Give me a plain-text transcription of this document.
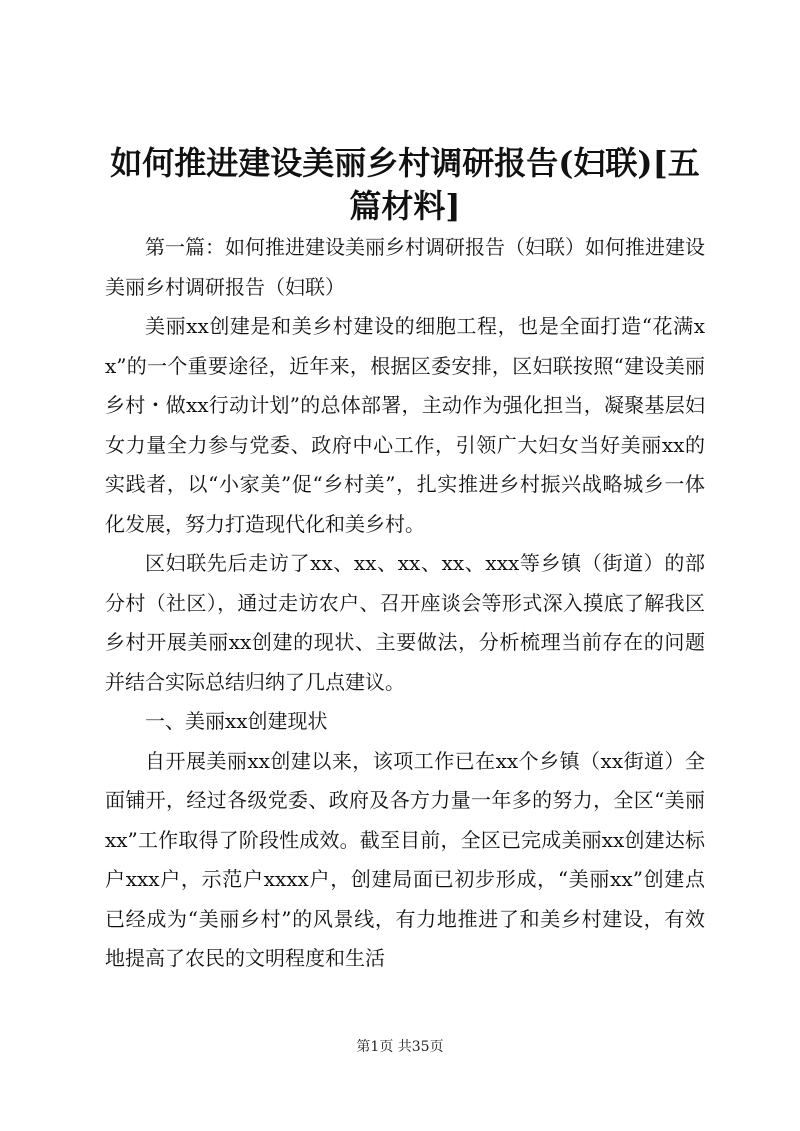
如何推进建设美丽乡村调研报告(妇联)[五篇材料]

第一篇：如何推进建设美丽乡村调研报告（妇联）如何推进建设美丽乡村调研报告（妇联）

美丽xx创建是和美乡村建设的细胞工程，也是全面打造“花满xx”的一个重要途径，近年来，根据区委安排，区妇联按照“建设美丽乡村・做xx行动计划”的总体部署，主动作为强化担当，凝聚基层妇女力量全力参与党委、政府中心工作，引领广大妇女当好美丽xx的实践者，以“小家美”促“乡村美”，扎实推进乡村振兴战略城乡一体化发展，努力打造现代化和美乡村。

区妇联先后走访了xx、xx、xx、xx、xxx等乡镇（街道）的部分村（社区），通过走访农户、召开座谈会等形式深入摸底了解我区乡村开展美丽xx创建的现状、主要做法，分析梳理当前存在的问题并结合实际总结归纳了几点建议。

一、美丽xx创建现状

自开展美丽xx创建以来，该项工作已在xx个乡镇（xx街道）全面铺开，经过各级党委、政府及各方力量一年多的努力，全区“美丽xx”工作取得了阶段性成效。截至目前，全区已完成美丽xx创建达标户xxx户，示范户xxxx户，创建局面已初步形成，“美丽xx”创建点已经成为“美丽乡村”的风景线，有力地推进了和美乡村建设，有效地提高了农民的文明程度和生活

第1页 共35页
